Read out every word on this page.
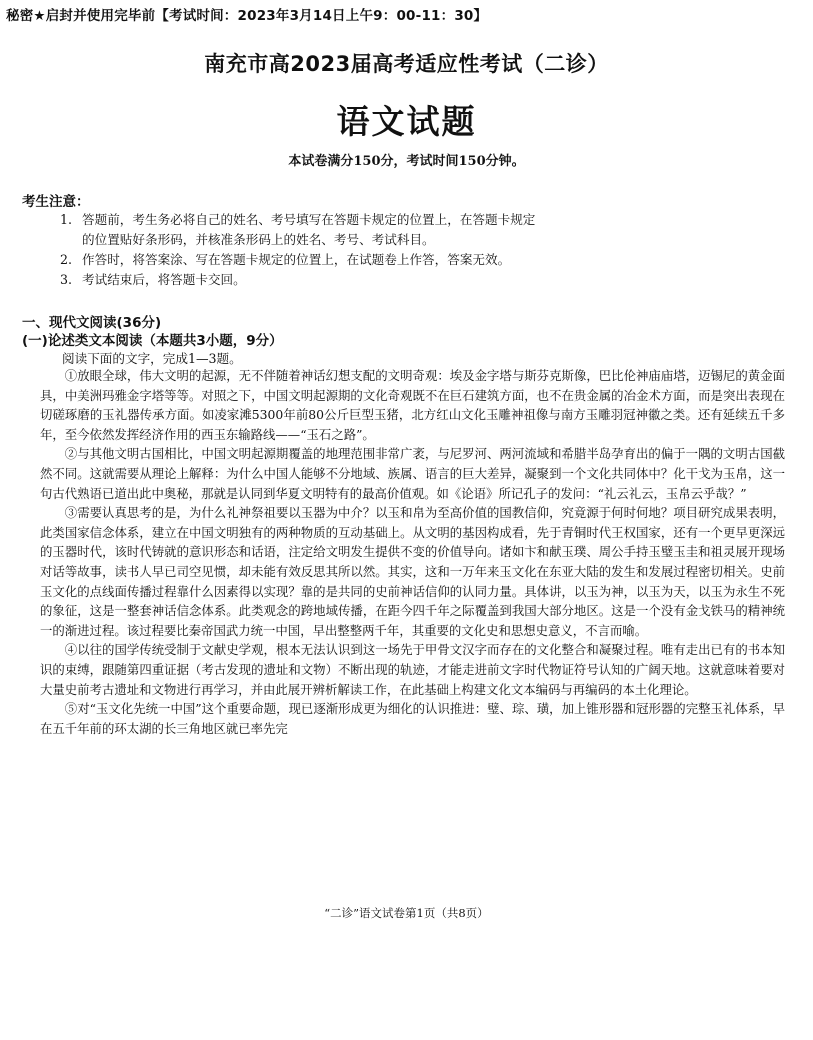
秘密★启封并使用完毕前【考试时间：2023年3月14日上午9：00-11：30】
南充市高2023届高考适应性考试（二诊）
语文试题
本试卷满分150分，考试时间150分钟。
考生注意：
1. 答题前，考生务必将自己的姓名、考号填写在答题卡规定的位置上，在答题卡规定
的位置贴好条形码，并核准条形码上的姓名、考号、考试科目。
2. 作答时，将答案涂、写在答题卡规定的位置上，在试题卷上作答，答案无效。
3. 考试结束后，将答题卡交回。
一、现代文阅读(36分)
(一)论述类文本阅读（本题共3小题，9分）
阅读下面的文字，完成1—3题。

①放眼全球，伟大文明的起源，无不伴随着神话幻想支配的文明奇观：埃及金字塔与斯芬克斯像，巴比伦神庙庙塔，迈锡尼的黄金面具，中美洲玛雅金字塔等等。对照之下，中国文明起源期的文化奇观既不在巨石建筑方面，也不在贵金属的冶金术方面，而是突出表现在切磋琢磨的玉礼器传承方面。如凌家滩5300年前80公斤巨型玉猪，北方红山文化玉雕神祖像与南方玉雕羽冠神徽之类。还有延续五千多年，至今依然发挥经济作用的西玉东输路线——“玉石之路”。

②与其他文明古国相比，中国文明起源期覆盖的地理范围非常广袤，与尼罗河、两河流域和希腊半岛孕育出的偏于一隅的文明古国截然不同。这就需要从理论上解释：为什么中国人能够不分地域、族属、语言的巨大差异，凝聚到一个文化共同体中？化干戈为玉帛，这一句古代熟语已道出此中奥秘，那就是认同到华夏文明特有的最高价值观。如《论语》所记孔子的发问：“礼云礼云，玉帛云乎哉？”

③需要认真思考的是，为什么礼神祭祖要以玉器为中介？以玉和帛为至高价值的国教信仰，究竟源于何时何地？项目研究成果表明，此类国家信念体系，建立在中国文明独有的两种物质的互动基础上。从文明的基因构成看，先于青铜时代王权国家，还有一个更早更深远的玉器时代，该时代铸就的意识形态和话语，注定给文明发生提供不变的价值导向。诸如卞和献玉璞、周公手持玉璧玉圭和祖灵展开现场对话等故事，读书人早已司空见惯，却未能有效反思其所以然。其实，这和一万年来玉文化在东亚大陆的发生和发展过程密切相关。史前玉文化的点线面传播过程靠什么因素得以实现？靠的是共同的史前神话信仰的认同力量。具体讲，以玉为神，以玉为天，以玉为永生不死的象征，这是一整套神话信念体系。此类观念的跨地域传播，在距今四千年之际覆盖到我国大部分地区。这是一个没有金戈铁马的精神统一的渐进过程。该过程要比秦帝国武力统一中国，早出整整两千年，其重要的文化史和思想史意义，不言而喻。

④以往的国学传统受制于文献史学观，根本无法认识到这一场先于甲骨文汉字而存在的文化整合和凝聚过程。唯有走出已有的书本知识的束缚，跟随第四重证据（考古发现的遗址和文物）不断出现的轨迹，才能走进前文字时代物证符号认知的广阔天地。这就意味着要对大量史前考古遗址和文物进行再学习，并由此展开辨析解读工作，在此基础上构建文化文本编码与再编码的本土化理论。

⑤对“玉文化先统一中国”这个重要命题，现已逐渐形成更为细化的认识推进：璧、琮、璜，加上锥形器和冠形器的完整玉礼体系，早在五千年前的环太湖的长三角地区就已率先完

“二诊”语文试卷第1页（共8页）
